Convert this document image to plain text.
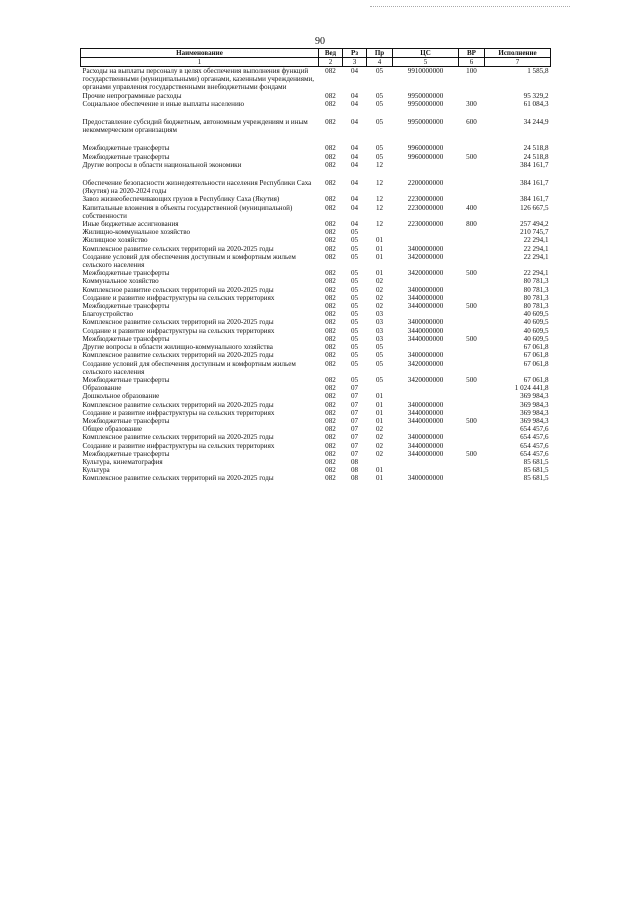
90
Наименование	Вед	Рз	Пр	ЦС	ВР	Исполнение
1	2	3	4	5	6	7
Расходы на выплаты персоналу в целях обеспечения выполнения функций государственными (муниципальными) органами, казенными учреждениями, органами управления государственными внебюджетными фондами	082	04	05	9910000000	100	1 585,8
Прочие непрограммные расходы	082	04	05	9950000000		95 329,2
Социальное обеспечение и иные выплаты населению	082	04	05	9950000000	300	61 084,3

Предоставление субсидий бюджетным, автономным учреждениям и иным некоммерческим организациям	082	04	05	9950000000	600	34 244,9

Межбюджетные трансферты	082	04	05	9960000000		24 518,8
Межбюджетные трансферты	082	04	05	9960000000	500	24 518,8
Другие вопросы в области национальной экономики	082	04	12			384 161,7

Обеспечение безопасности жизнедеятельности населения Республики Саха (Якутия) на 2020-2024 годы	082	04	12	2200000000		384 161,7
Завоз жизнеобеспечивающих грузов в Республику Саха (Якутия)	082	04	12	2230000000		384 161,7
Капитальные вложения в объекты государственной (муниципальной) собственности	082	04	12	2230000000	400	126 667,5
Иные бюджетные ассигнования	082	04	12	2230000000	800	257 494,2
Жилищно-коммунальное хозяйство	082	05				210 745,7
Жилищное хозяйство	082	05	01			22 294,1
Комплексное развитие сельских территорий на 2020-2025 годы	082	05	01	3400000000		22 294,1
Создание условий для обеспечения доступным и комфортным жильем сельского населения	082	05	01	3420000000		22 294,1
Межбюджетные трансферты	082	05	01	3420000000	500	22 294,1
Коммунальное хозяйство	082	05	02			80 781,3
Комплексное развитие сельских территорий на 2020-2025 годы	082	05	02	3400000000		80 781,3
Создание и развитие инфраструктуры на сельских территориях	082	05	02	3440000000		80 781,3
Межбюджетные трансферты	082	05	02	3440000000	500	80 781,3
Благоустройство	082	05	03			40 609,5
Комплексное развитие сельских территорий на 2020-2025 годы	082	05	03	3400000000		40 609,5
Создание и развитие инфраструктуры на сельских территориях	082	05	03	3440000000		40 609,5
Межбюджетные трансферты	082	05	03	3440000000	500	40 609,5
Другие вопросы в области жилищно-коммунального хозяйства	082	05	05			67 061,8
Комплексное развитие сельских территорий на 2020-2025 годы	082	05	05	3400000000		67 061,8
Создание условий для обеспечения доступным и комфортным жильем сельского населения	082	05	05	3420000000		67 061,8
Межбюджетные трансферты	082	05	05	3420000000	500	67 061,8
Образование	082	07				1 024 441,8
Дошкольное образование	082	07	01			369 984,3
Комплексное развитие сельских территорий на 2020-2025 годы	082	07	01	3400000000		369 984,3
Создание и развитие инфраструктуры на сельских территориях	082	07	01	3440000000		369 984,3
Межбюджетные трансферты	082	07	01	3440000000	500	369 984,3
Общее образование	082	07	02			654 457,6
Комплексное развитие сельских территорий на 2020-2025 годы	082	07	02	3400000000		654 457,6
Создание и развитие инфраструктуры на сельских территориях	082	07	02	3440000000		654 457,6
Межбюджетные трансферты	082	07	02	3440000000	500	654 457,6
Культура, кинематография	082	08				85 681,5
Культура	082	08	01			85 681,5
Комплексное развитие сельских территорий на 2020-2025 годы	082	08	01	3400000000		85 681,5
